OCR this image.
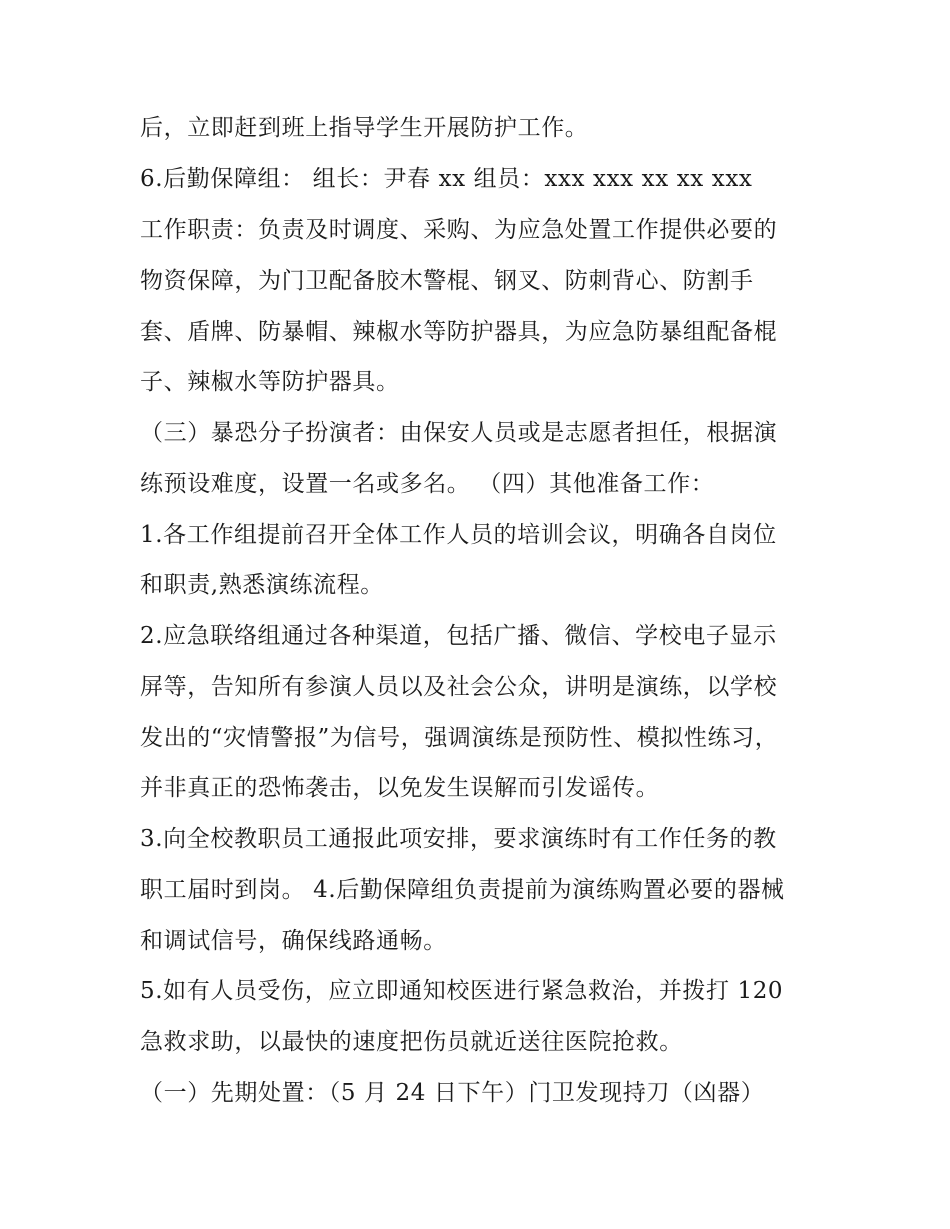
后，立即赶到班上指导学生开展防护工作。
6.后勤保障组： 组长：尹春 xx 组员：xxx xxx xx xx xxx
工作职责：负责及时调度、采购、为应急处置工作提供必要的
物资保障，为门卫配备胶木警棍、钢叉、防刺背心、防割手
套、盾牌、防暴帽、辣椒水等防护器具，为应急防暴组配备棍
子、辣椒水等防护器具。
（三）暴恐分子扮演者：由保安人员或是志愿者担任，根据演
练预设难度，设置一名或多名。 （四）其他准备工作：
1.各工作组提前召开全体工作人员的培训会议，明确各自岗位
和职责,熟悉演练流程。
2.应急联络组通过各种渠道，包括广播、微信、学校电子显示
屏等，告知所有参演人员以及社会公众，讲明是演练，以学校
发出的“灾情警报”为信号，强调演练是预防性、模拟性练习，
并非真正的恐怖袭击，以免发生误解而引发谣传。
3.向全校教职员工通报此项安排，要求演练时有工作任务的教
职工届时到岗。 4.后勤保障组负责提前为演练购置必要的器械
和调试信号，确保线路通畅。
5.如有人员受伤，应立即通知校医进行紧急救治，并拨打 120
急救求助，以最快的速度把伤员就近送往医院抢救。
（一）先期处置：（5 月 24 日下午）门卫发现持刀（凶器）
